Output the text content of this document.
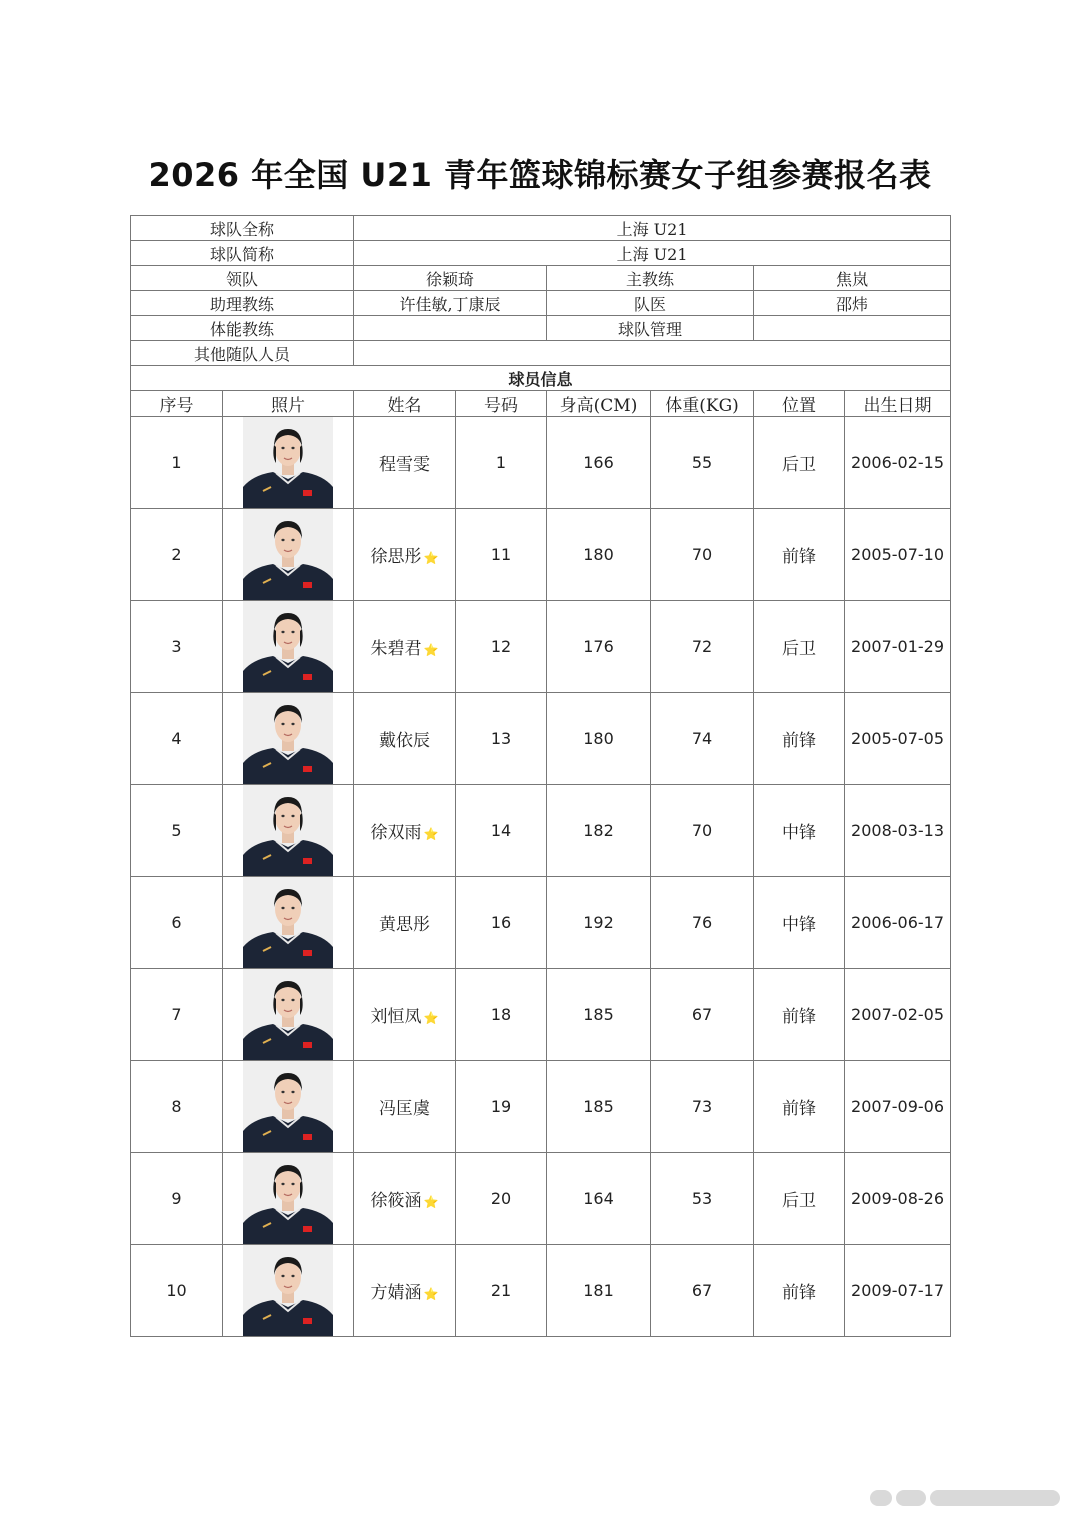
2026 年全国 U21 青年篮球锦标赛女子组参赛报名表
球队全称		上海 U21					
球队简称		上海 U21					
领队		徐颖琦		主教练		焦岚	
助理教练		许佳敏,丁康辰		队医		邵炜	
体能教练				球队管理			
其他随队人员							
球员信息							
序号	照片	姓名	号码	身高(CM)	体重(KG)	位置	出生日期
1		程雪雯	1	166	55	后卫	2006-02-15
2		徐思彤 ⭐	11	180	70	前锋	2005-07-10
3		朱碧君 ⭐	12	176	72	后卫	2007-01-29
4		戴依辰	13	180	74	前锋	2005-07-05
5		徐双雨 ⭐	14	182	70	中锋	2008-03-13
6		黄思彤	16	192	76	中锋	2006-06-17
7		刘恒凤 ⭐	18	185	67	前锋	2007-02-05
8		冯匡虞	19	185	73	前锋	2007-09-06
9		徐筱涵 ⭐	20	164	53	后卫	2009-08-26
10		方婧涵 ⭐	21	181	67	前锋	2009-07-17
